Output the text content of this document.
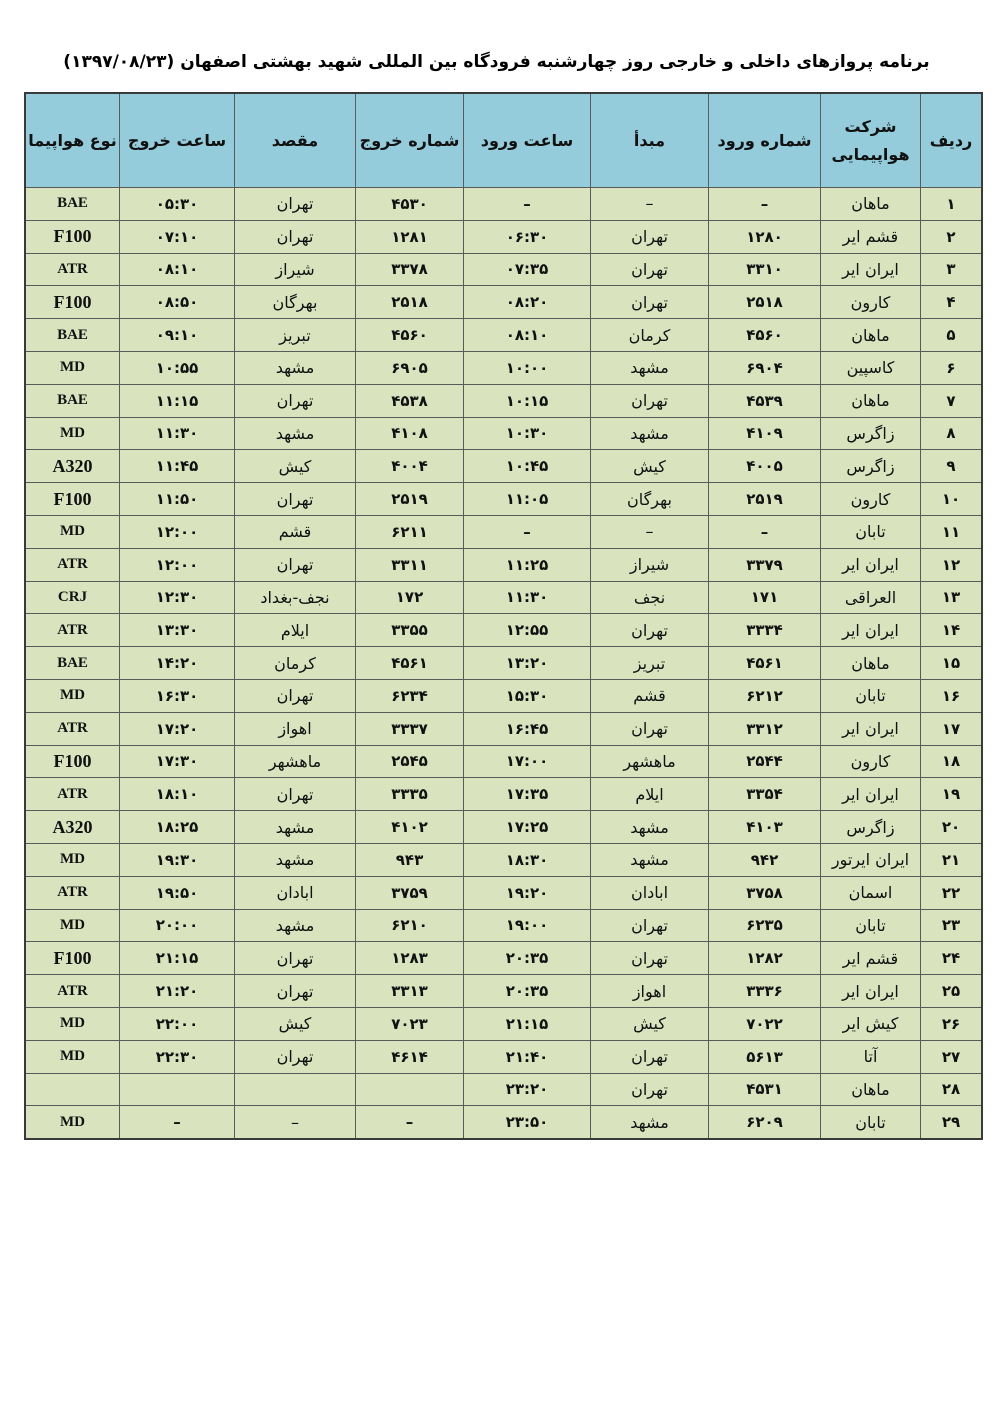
برنامه پروازهای داخلی و خارجی روز چهارشنبه فرودگاه بین المللی شهید بهشتی اصفهان (۱۳۹۷/۰۸/۲۳)
ردیف	شرکت هواپیمایی	شماره ورود	مبدأ	ساعت ورود	شماره خروج	مقصد	ساعت خروج	نوع هواپیما
۱	ماهان	–	–	–	۴۵۳۰	تهران	۰۵:۳۰	BAE
۲	قشم ایر	۱۲۸۰	تهران	۰۶:۳۰	۱۲۸۱	تهران	۰۷:۱۰	F100
۳	ایران ایر	۳۳۱۰	تهران	۰۷:۳۵	۳۳۷۸	شیراز	۰۸:۱۰	ATR
۴	کارون	۲۵۱۸	تهران	۰۸:۲۰	۲۵۱۸	بهرگان	۰۸:۵۰	F100
۵	ماهان	۴۵۶۰	کرمان	۰۸:۱۰	۴۵۶۰	تبریز	۰۹:۱۰	BAE
۶	کاسپین	۶۹۰۴	مشهد	۱۰:۰۰	۶۹۰۵	مشهد	۱۰:۵۵	MD
۷	ماهان	۴۵۳۹	تهران	۱۰:۱۵	۴۵۳۸	تهران	۱۱:۱۵	BAE
۸	زاگرس	۴۱۰۹	مشهد	۱۰:۳۰	۴۱۰۸	مشهد	۱۱:۳۰	MD
۹	زاگرس	۴۰۰۵	کیش	۱۰:۴۵	۴۰۰۴	کیش	۱۱:۴۵	A320
۱۰	کارون	۲۵۱۹	بهرگان	۱۱:۰۵	۲۵۱۹	تهران	۱۱:۵۰	F100
۱۱	تابان	–	–	–	۶۲۱۱	قشم	۱۲:۰۰	MD
۱۲	ایران ایر	۳۳۷۹	شیراز	۱۱:۲۵	۳۳۱۱	تهران	۱۲:۰۰	ATR
۱۳	العراقی	۱۷۱	نجف	۱۱:۳۰	۱۷۲	نجف-بغداد	۱۲:۳۰	CRJ
۱۴	ایران ایر	۳۳۳۴	تهران	۱۲:۵۵	۳۳۵۵	ایلام	۱۳:۳۰	ATR
۱۵	ماهان	۴۵۶۱	تبریز	۱۳:۲۰	۴۵۶۱	کرمان	۱۴:۲۰	BAE
۱۶	تابان	۶۲۱۲	قشم	۱۵:۳۰	۶۲۳۴	تهران	۱۶:۳۰	MD
۱۷	ایران ایر	۳۳۱۲	تهران	۱۶:۴۵	۳۳۳۷	اهواز	۱۷:۲۰	ATR
۱۸	کارون	۲۵۴۴	ماهشهر	۱۷:۰۰	۲۵۴۵	ماهشهر	۱۷:۳۰	F100
۱۹	ایران ایر	۳۳۵۴	ایلام	۱۷:۳۵	۳۳۳۵	تهران	۱۸:۱۰	ATR
۲۰	زاگرس	۴۱۰۳	مشهد	۱۷:۲۵	۴۱۰۲	مشهد	۱۸:۲۵	A320
۲۱	ایران ایرتور	۹۴۲	مشهد	۱۸:۳۰	۹۴۳	مشهد	۱۹:۳۰	MD
۲۲	اسمان	۳۷۵۸	ابادان	۱۹:۲۰	۳۷۵۹	ابادان	۱۹:۵۰	ATR
۲۳	تابان	۶۲۳۵	تهران	۱۹:۰۰	۶۲۱۰	مشهد	۲۰:۰۰	MD
۲۴	قشم ایر	۱۲۸۲	تهران	۲۰:۳۵	۱۲۸۳	تهران	۲۱:۱۵	F100
۲۵	ایران ایر	۳۳۳۶	اهواز	۲۰:۳۵	۳۳۱۳	تهران	۲۱:۲۰	ATR
۲۶	کیش ایر	۷۰۲۲	کیش	۲۱:۱۵	۷۰۲۳	کیش	۲۲:۰۰	MD
۲۷	آتا	۵۶۱۳	تهران	۲۱:۴۰	۴۶۱۴	تهران	۲۲:۳۰	MD
۲۸	ماهان	۴۵۳۱	تهران	۲۳:۲۰				
۲۹	تابان	۶۲۰۹	مشهد	۲۳:۵۰	–	–	–	MD
